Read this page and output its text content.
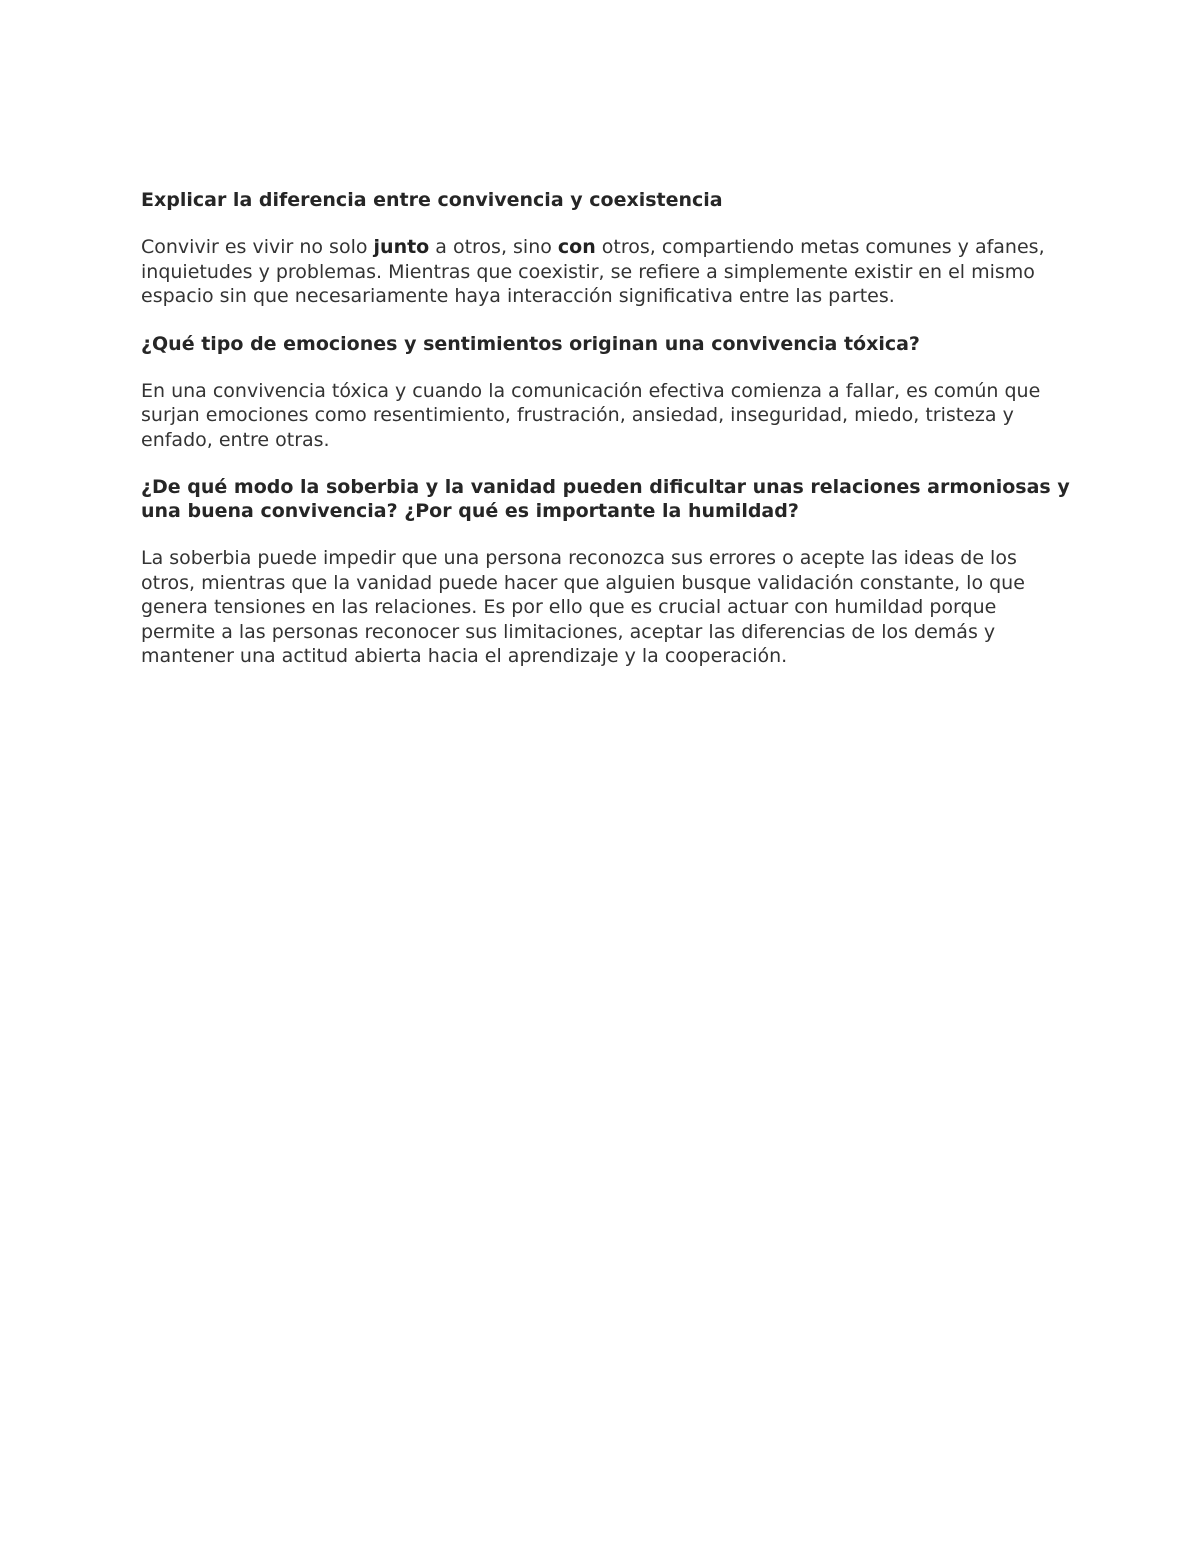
Explicar la diferencia entre convivencia y coexistencia

Convivir es vivir no solo junto a otros, sino con otros, compartiendo metas comunes y afanes, inquietudes y problemas. Mientras que coexistir, se refiere a simplemente existir en el mismo espacio sin que necesariamente haya interacción significativa entre las partes.

¿Qué tipo de emociones y sentimientos originan una convivencia tóxica?

En una convivencia tóxica y cuando la comunicación efectiva comienza a fallar, es común que surjan emociones como resentimiento, frustración, ansiedad, inseguridad, miedo, tristeza y enfado, entre otras.

¿De qué modo la soberbia y la vanidad pueden dificultar unas relaciones armoniosas y una buena convivencia? ¿Por qué es importante la humildad?

La soberbia puede impedir que una persona reconozca sus errores o acepte las ideas de los otros, mientras que la vanidad puede hacer que alguien busque validación constante, lo que genera tensiones en las relaciones. Es por ello que es crucial actuar con humildad porque permite a las personas reconocer sus limitaciones, aceptar las diferencias de los demás y mantener una actitud abierta hacia el aprendizaje y la cooperación.
